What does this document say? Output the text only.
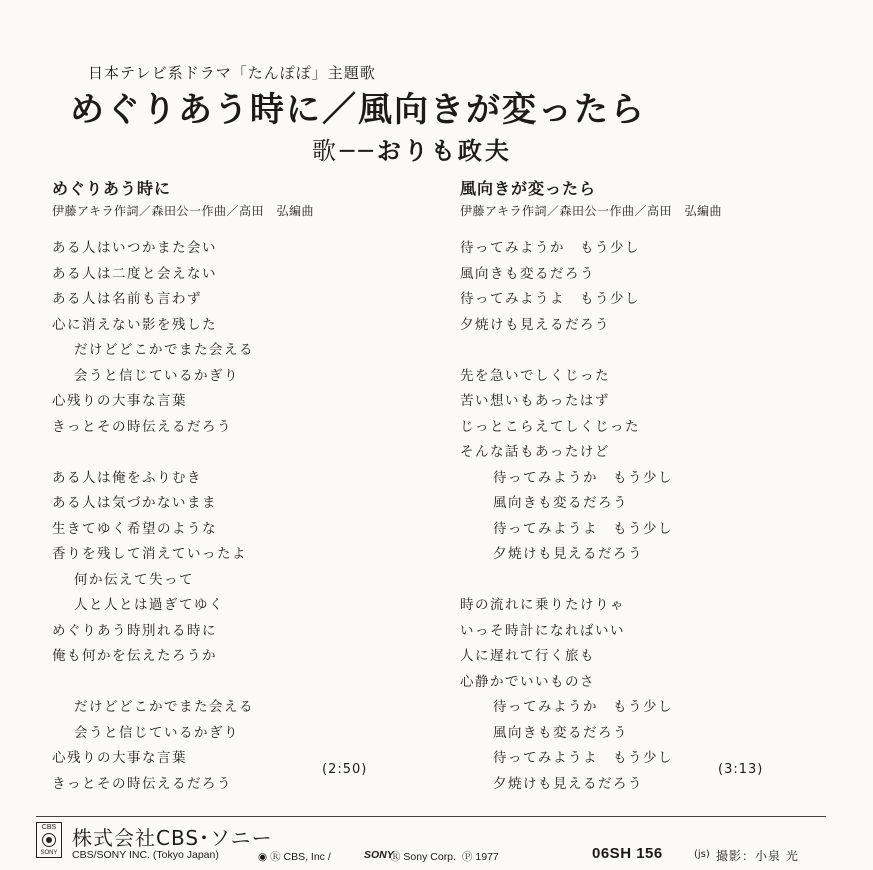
日本テレビ系ドラマ「たんぽぽ」主題歌
めぐりあう時に／風向きが変ったら
歌──おりも政夫
めぐりあう時に
伊藤アキラ作詞／森田公一作曲／高田　弘編曲
ある人はいつかまた会い
ある人は二度と会えない
ある人は名前も言わず
心に消えない影を残した
だけどどこかでまた会える
会うと信じているかぎり
心残りの大事な言葉
きっとその時伝えるだろう
ある人は俺をふりむき
ある人は気づかないまま
生きてゆく希望のような
香りを残して消えていったよ
何か伝えて失って
人と人とは過ぎてゆく
めぐりあう時別れる時に
俺も何かを伝えたろうか
だけどどこかでまた会える
会うと信じているかぎり
心残りの大事な言葉
きっとその時伝えるだろう
風向きが変ったら
伊藤アキラ作詞／森田公一作曲／高田　弘編曲
待ってみようか　もう少し
風向きも変るだろう
待ってみようよ　もう少し
夕焼けも見えるだろう
先を急いでしくじった
苦い想いもあったはず
じっとこらえてしくじった
そんな話もあったけど
待ってみようか　もう少し
風向きも変るだろう
待ってみようよ　もう少し
夕焼けも見えるだろう
時の流れに乗りたけりゃ
いっそ時計になればいい
人に遅れて行く旅も
心静かでいいものさ
待ってみようか　もう少し
風向きも変るだろう
待ってみようよ　もう少し
夕焼けも見えるだろう
(2:50)	(3:13)
CBS
SONY
株式会社CBS･ソニー
CBS/SONY INC. (Tokyo Japan)	◉ Ⓡ CBS, Inc /	SONY
Ⓡ Sony Corp. Ⓟ 1977	06SH 156	(js) 撮影：小泉 光
